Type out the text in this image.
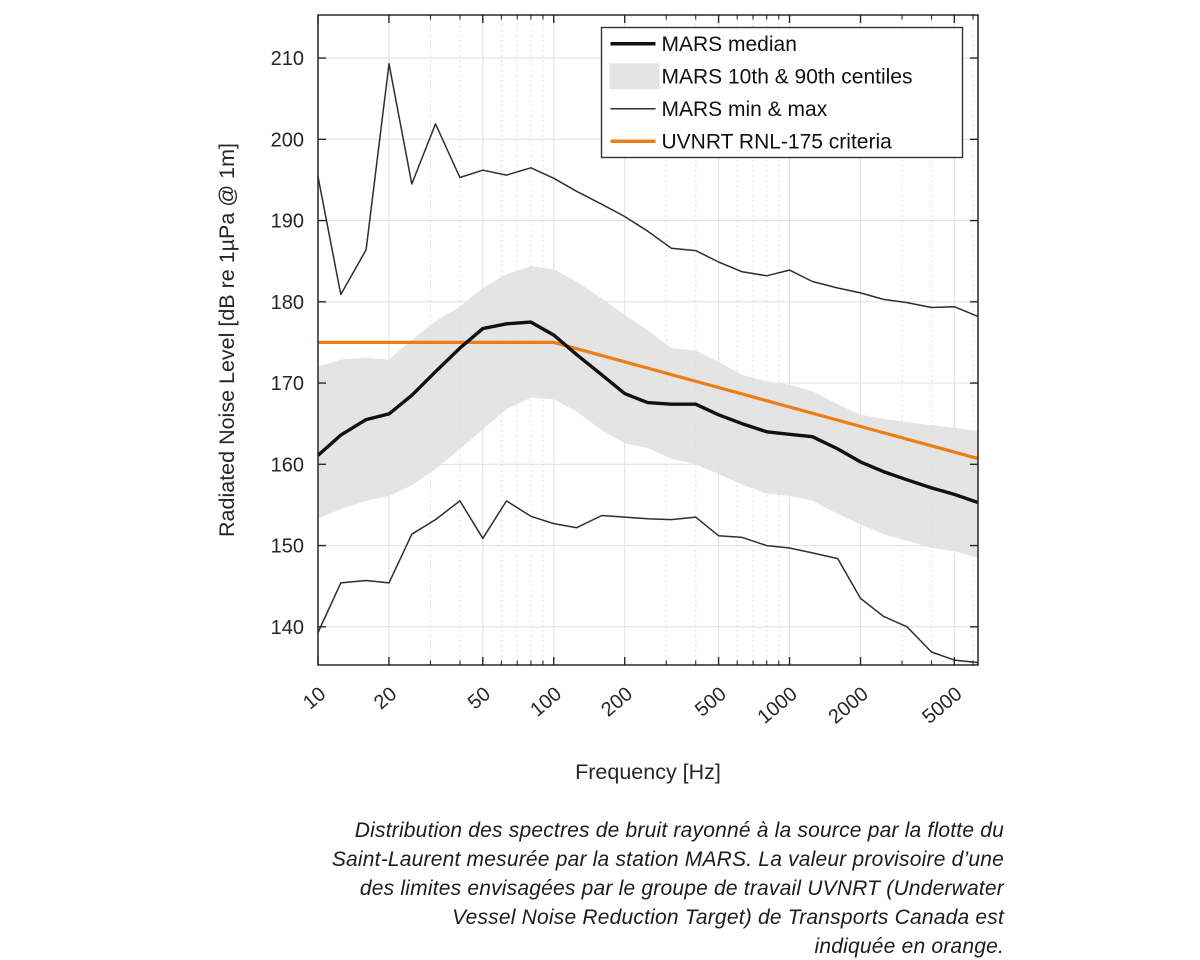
140
150
160
170
180
190
200
210
10 20	50 100 200	500 1000 2000 5000
Frequency [Hz]
Radiated Noise Level [dB re 1µPa @ 1m]
MARS median
MARS 10th & 90th centiles
MARS min & max
UVNRT RNL-175 criteria
Distribution des spectres de bruit rayonné à la source par la flotte du
Saint-Laurent mesurée par la station MARS. La valeur provisoire d’une
des limites envisagées par le groupe de travail UVNRT (Underwater
Vessel Noise Reduction Target) de Transports Canada est
indiquée en orange.
